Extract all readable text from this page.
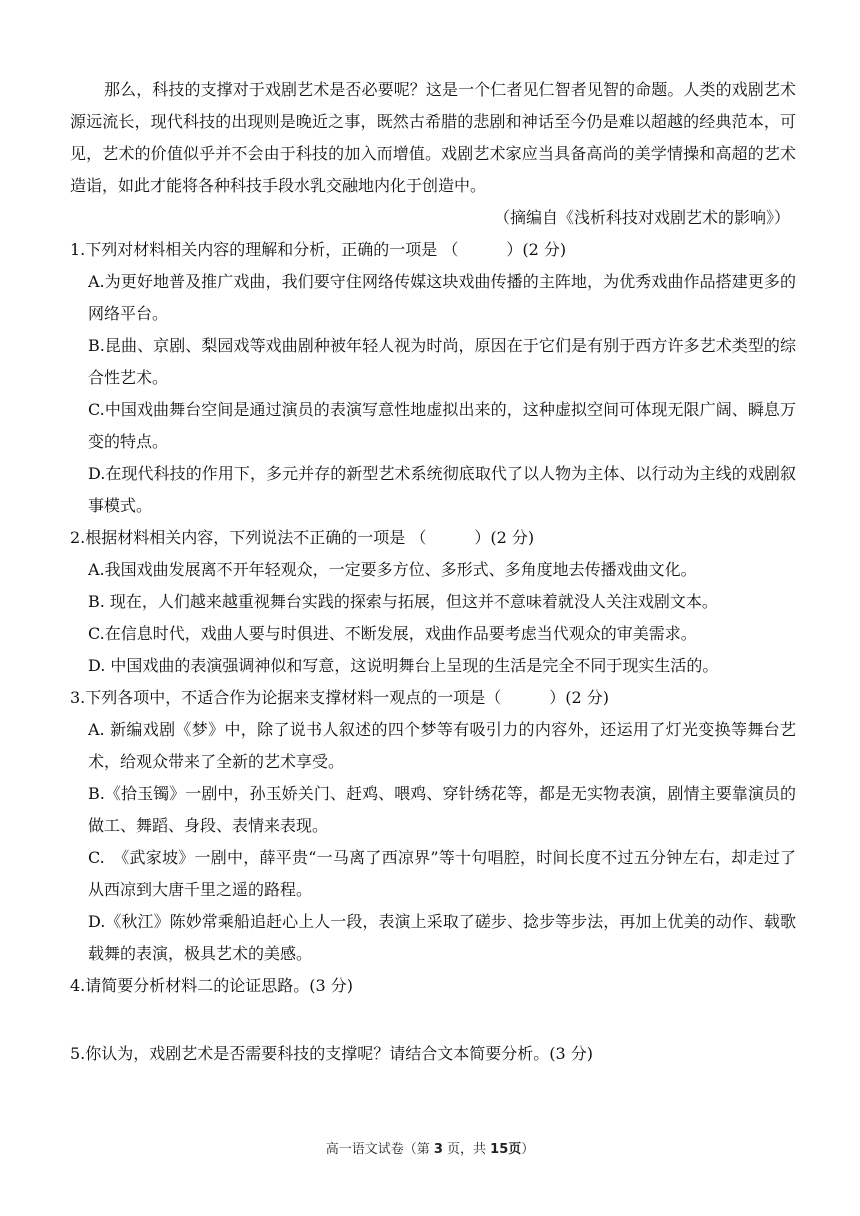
那么，科技的支撑对于戏剧艺术是否必要呢？这是一个仁者见仁智者见智的命题。人类的戏剧艺术源远流长，现代科技的出现则是晚近之事，既然古希腊的悲剧和神话至今仍是难以超越的经典范本，可见，艺术的价值似乎并不会由于科技的加入而增值。戏剧艺术家应当具备高尚的美学情操和高超的艺术造诣，如此才能将各种科技手段水乳交融地内化于创造中。

（摘编自《浅析科技对戏剧艺术的影响》）

1.下列对材料相关内容的理解和分析，正确的一项是 （　　　）(2 分)

A.为更好地普及推广戏曲，我们要守住网络传媒这块戏曲传播的主阵地，为优秀戏曲作品搭建更多的网络平台。

B.昆曲、京剧、梨园戏等戏曲剧种被年轻人视为时尚，原因在于它们是有别于西方许多艺术类型的综合性艺术。

C.中国戏曲舞台空间是通过演员的表演写意性地虚拟出来的，这种虚拟空间可体现无限广阔、瞬息万变的特点。

D.在现代科技的作用下，多元并存的新型艺术系统彻底取代了以人物为主体、以行动为主线的戏剧叙事模式。

2.根据材料相关内容，下列说法不正确的一项是 （　　　）(2 分)

A.我国戏曲发展离不开年轻观众，一定要多方位、多形式、多角度地去传播戏曲文化。

B. 现在，人们越来越重视舞台实践的探索与拓展，但这并不意味着就没人关注戏剧文本。

C.在信息时代，戏曲人要与时俱进、不断发展，戏曲作品要考虑当代观众的审美需求。

D. 中国戏曲的表演强调神似和写意，这说明舞台上呈现的生活是完全不同于现实生活的。

3.下列各项中，不适合作为论据来支撑材料一观点的一项是（　　　）(2 分)

A. 新编戏剧《梦》中，除了说书人叙述的四个梦等有吸引力的内容外，还运用了灯光变换等舞台艺术，给观众带来了全新的艺术享受。

B.《拾玉镯》一剧中，孙玉娇关门、赶鸡、喂鸡、穿针绣花等，都是无实物表演，剧情主要靠演员的做工、舞蹈、身段、表情来表现。

C.　《武家坡》一剧中，薛平贵“一马离了西凉界”等十句唱腔，时间长度不过五分钟左右，却走过了从西凉到大唐千里之遥的路程。

D.《秋江》陈妙常乘船追赶心上人一段，表演上采取了磋步、捻步等步法，再加上优美的动作、载歌载舞的表演，极具艺术的美感。

4.请简要分析材料二的论证思路。(3 分)

5.你认为，戏剧艺术是否需要科技的支撑呢？请结合文本简要分析。(3 分)

高一语文试卷（第 3 页，共 15页）
